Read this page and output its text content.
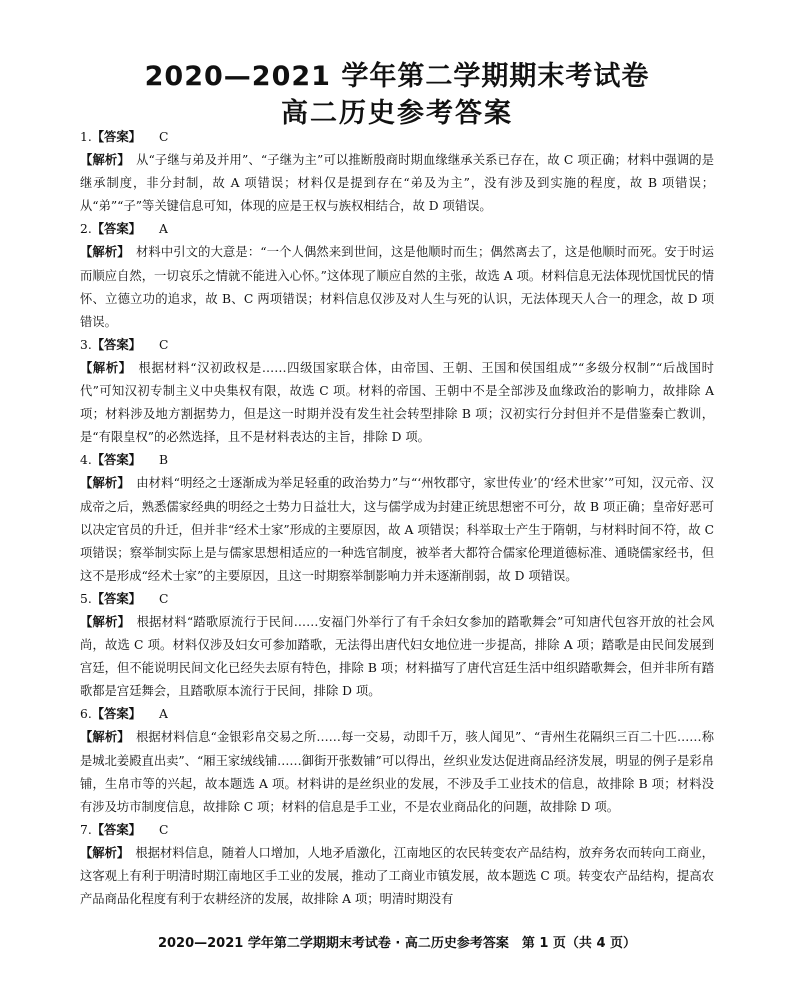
2020—2021 学年第二学期期末考试卷
高二历史参考答案

1.【答案】 C

【解析】　 从“子继与弟及并用”、“子继为主”可以推断殷商时期血缘继承关系已存在，故 C 项正确；材料中强调的是继承制度，非分封制，故 A 项错误；材料仅是提到存在“弟及为主”，没有涉及到实施的程度，故 B 项错误；从“弟”“子”等关键信息可知，体现的应是王权与族权相结合，故 D 项错误。

2.【答案】 A

【解析】　 材料中引文的大意是：“一个人偶然来到世间，这是他顺时而生；偶然离去了，这是他顺时而死。安于时运而顺应自然，一切哀乐之情就不能进入心怀。”这体现了顺应自然的主张，故选 A 项。材料信息无法体现忧国忧民的情怀、立德立功的追求，故 B、C 两项错误；材料信息仅涉及对人生与死的认识，无法体现天人合一的理念，故 D 项错误。

3.【答案】 C

【解析】　 根据材料“汉初政权是……四级国家联合体，由帝国、王朝、王国和侯国组成”“多级分权制”“后战国时代”可知汉初专制主义中央集权有限，故选 C 项。材料的帝国、王朝中不是全部涉及血缘政治的影响力，故排除 A 项；材料涉及地方割据势力，但是这一时期并没有发生社会转型排除 B 项；汉初实行分封但并不是借鉴秦亡教训，是“有限皇权”的必然选择，且不是材料表达的主旨，排除 D 项。

4.【答案】 B

【解析】　 由材料“明经之士逐渐成为举足轻重的政治势力”与“‘州牧郡守，家世传业’的‘经术世家’”可知，汉元帝、汉成帝之后，熟悉儒家经典的明经之士势力日益壮大，这与儒学成为封建正统思想密不可分，故 B 项正确；皇帝好恶可以决定官员的升迁，但并非“经术士家”形成的主要原因，故 A 项错误；科举取士产生于隋朝，与材料时间不符，故 C 项错误；察举制实际上是与儒家思想相适应的一种选官制度，被举者大都符合儒家伦理道德标准、通晓儒家经书，但这不是形成“经术士家”的主要原因，且这一时期察举制影响力并未逐渐削弱，故 D 项错误。

5.【答案】 C

【解析】　 根据材料“踏歌原流行于民间……安福门外举行了有千余妇女参加的踏歌舞会”可知唐代包容开放的社会风尚，故选 C 项。材料仅涉及妇女可参加踏歌，无法得出唐代妇女地位进一步提高，排除 A 项；踏歌是由民间发展到宫廷，但不能说明民间文化已经失去原有特色，排除 B 项；材料描写了唐代宫廷生活中组织踏歌舞会，但并非所有踏歌都是宫廷舞会，且踏歌原本流行于民间，排除 D 项。

6.【答案】 A

【解析】　 根据材料信息“金银彩帛交易之所……每一交易，动即千万，骇人闻见”、“青州生花隔织三百二十匹……称是城北姜殿直出卖”、“厢王家绒线铺……御街开张数铺”可以得出，丝织业发达促进商品经济发展，明显的例子是彩帛铺，生帛市等的兴起，故本题选 A 项。材料讲的是丝织业的发展，不涉及手工业技术的信息，故排除 B 项；材料没有涉及坊市制度信息，故排除 C 项；材料的信息是手工业，不是农业商品化的问题，故排除 D 项。

7.【答案】 C

【解析】　 根据材料信息，随着人口增加，人地矛盾激化，江南地区的农民转变农产品结构，放弃务农而转向工商业，这客观上有利于明清时期江南地区手工业的发展，推动了工商业市镇发展，故本题选 C 项。转变农产品结构，提高农产品商品化程度有利于农耕经济的发展，故排除 A 项；明清时期没有

2020—2021 学年第二学期期末考试卷 · 高二历史参考答案　第 1 页（共 4 页）
